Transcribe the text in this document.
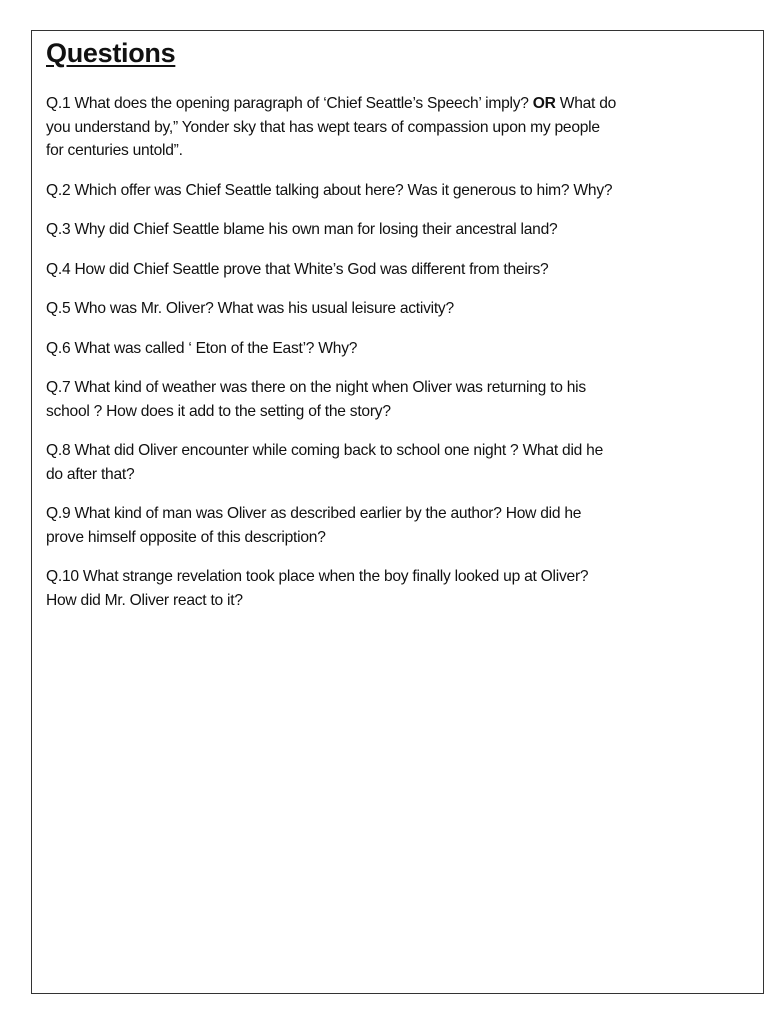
Questions

Q.1 What does the opening paragraph of ‘Chief Seattle’s Speech’ imply? OR What do
you understand by,” Yonder sky that has wept tears of compassion upon my people
for centuries untold”.

Q.2 Which offer was Chief Seattle talking about here? Was it generous to him? Why?

Q.3 Why did Chief Seattle blame his own man for losing their ancestral land?

Q.4 How did Chief Seattle prove that White’s God was different from theirs?

Q.5 Who was Mr. Oliver? What was his usual leisure activity?

Q.6 What was called ‘ Eton of the East’? Why?

Q.7 What kind of weather was there on the night when Oliver was returning to his
school ? How does it add to the setting of the story?

Q.8 What did Oliver encounter while coming back to school one night ? What did he
do after that?

Q.9 What kind of man was Oliver as described earlier by the author? How did he
prove himself opposite of this description?

Q.10 What strange revelation took place when the boy finally looked up at Oliver?
How did Mr. Oliver react to it?
